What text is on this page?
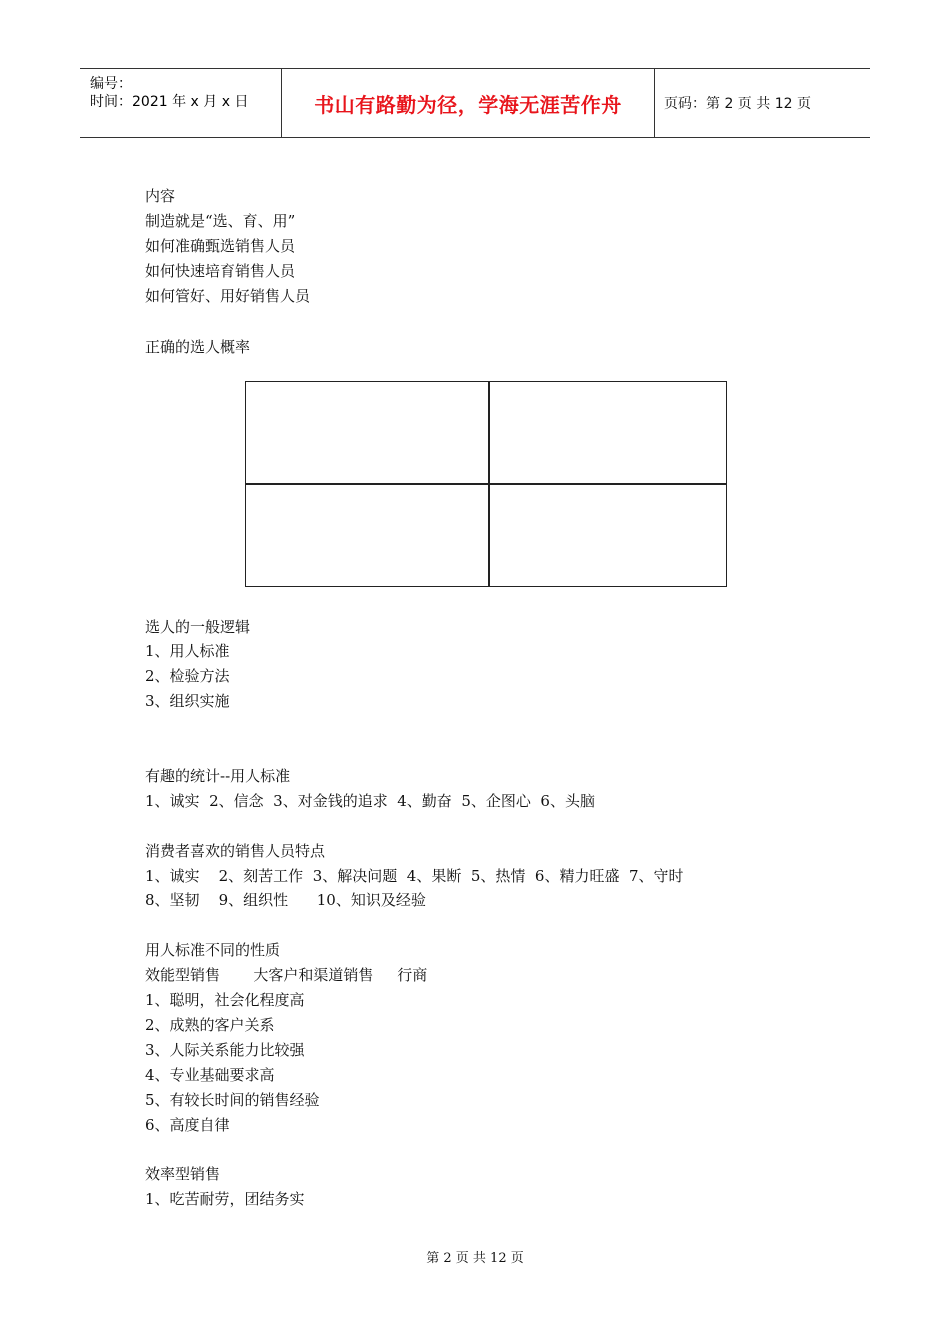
编号：
时间：2021 年 x 月 x 日	书山有路勤为径，学海无涯苦作舟	页码：第 2 页 共 12 页
内容
制造就是“选、育、用”
如何准确甄选销售人员
如何快速培育销售人员
如何管好、用好销售人员
正确的选人概率
选人的一般逻辑
1、用人标准
2、检验方法
3、组织实施
有趣的统计--用人标准
1、诚实  2、信念  3、对金钱的追求  4、勤奋  5、企图心  6、头脑
消费者喜欢的销售人员特点
1、诚实    2、刻苦工作  3、解决问题  4、果断  5、热情  6、精力旺盛  7、守时
8、坚韧    9、组织性      10、知识及经验
用人标准不同的性质
效能型销售       大客户和渠道销售     行商
1、聪明，社会化程度高
2、成熟的客户关系
3、人际关系能力比较强
4、专业基础要求高
5、有较长时间的销售经验
6、高度自律
效率型销售
1、吃苦耐劳，团结务实
第 2 页 共 12 页
